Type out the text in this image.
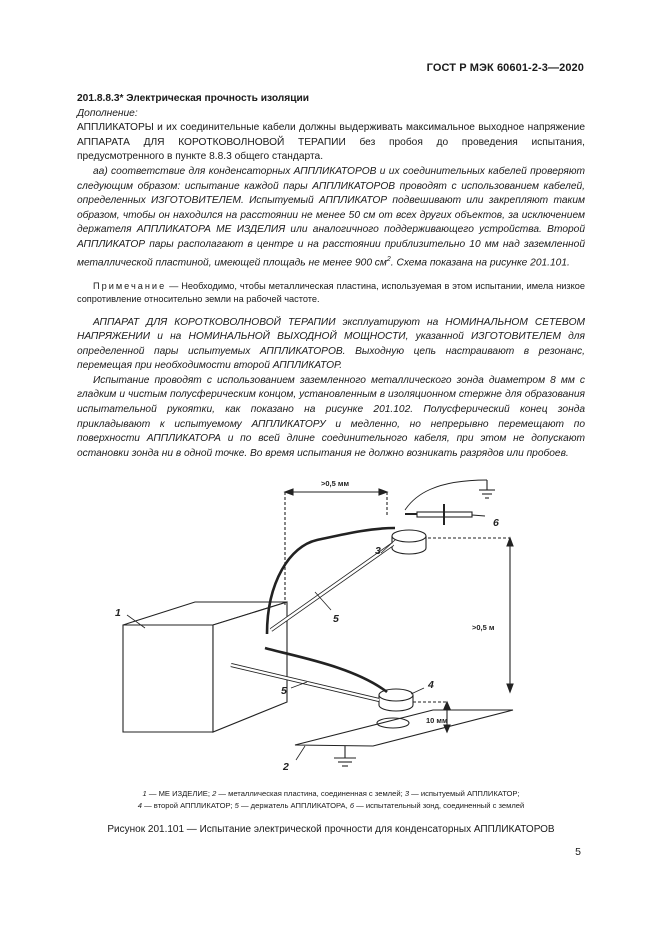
ГОСТ Р МЭК 60601-2-3—2020

201.8.8.3* Электрическая прочность изоляции

Дополнение:

АППЛИКАТОРЫ и их соединительные кабели должны выдерживать максимальное выходное напряжение АППАРАТА ДЛЯ КОРОТКОВОЛНОВОЙ ТЕРАПИИ без пробоя до проведения испытания, предусмотренного в пункте 8.8.3 общего стандарта.

аа) соответствие для конденсаторных АППЛИКАТОРОВ и их соединительных кабелей проверяют следующим образом: испытание каждой пары АППЛИКАТОРОВ проводят с использованием кабелей, определенных ИЗГОТОВИТЕЛЕМ. Испытуемый АППЛИКАТОР подвешивают или закрепляют таким образом, чтобы он находился на расстоянии не менее 50 см от всех других объектов, за исключением держателя АППЛИКАТОРА МЕ ИЗДЕЛИЯ или аналогичного поддерживающего устройства. Второй АППЛИКАТОР пары располагают в центре и на расстоянии приблизительно 10 мм над заземленной металлической пластиной, имеющей площадь не менее 900 $см^2$. Схема показана на рисунке 201.101.

Примечание — Необходимо, чтобы металлическая пластина, используемая в этом испытании, имела низкое сопротивление относительно земли на рабочей частоте.

АППАРАТ ДЛЯ КОРОТКОВОЛНОВОЙ ТЕРАПИИ эксплуатируют на НОМИНАЛЬНОМ СЕТЕВОМ НАПРЯЖЕНИИ и на НОМИНАЛЬНОЙ ВЫХОДНОЙ МОЩНОСТИ, указанной ИЗГОТОВИТЕЛЕМ для определенной пары испытуемых АППЛИКАТОРОВ. Выходную цепь настраивают в резонанс, перемещая при необходимости второй АППЛИКАТОР.

Испытание проводят с использованием заземленного металлического зонда диаметром 8 мм с гладким и чистым полусферическим концом, установленным в изоляционном стержне для образования испытательной рукоятки, как показано на рисунке 201.102. Полусферический конец зонда прикладывают к испытуемому АППЛИКАТОРУ и медленно, но непрерывно перемещают по поверхности АППЛИКАТОРА и по всей длине соединительного кабеля, при этом не допускают остановки зонда ни в одной точке. Во время испытания не должно возникать разрядов или пробоев.

1
2
3
4
5
5
6
>0,5 мм
>0,5 м
10 мм
1 — МЕ ИЗДЕЛИЕ; 2 — металлическая пластина, соединенная с землей; 3 — испытуемый АППЛИКАТОР;
4 — второй АППЛИКАТОР; 5 — держатель АППЛИКАТОРА, 6 — испытательный зонд, соединенный с землей
Рисунок 201.101 — Испытание электрической прочности для конденсаторных АППЛИКАТОРОВ
5
